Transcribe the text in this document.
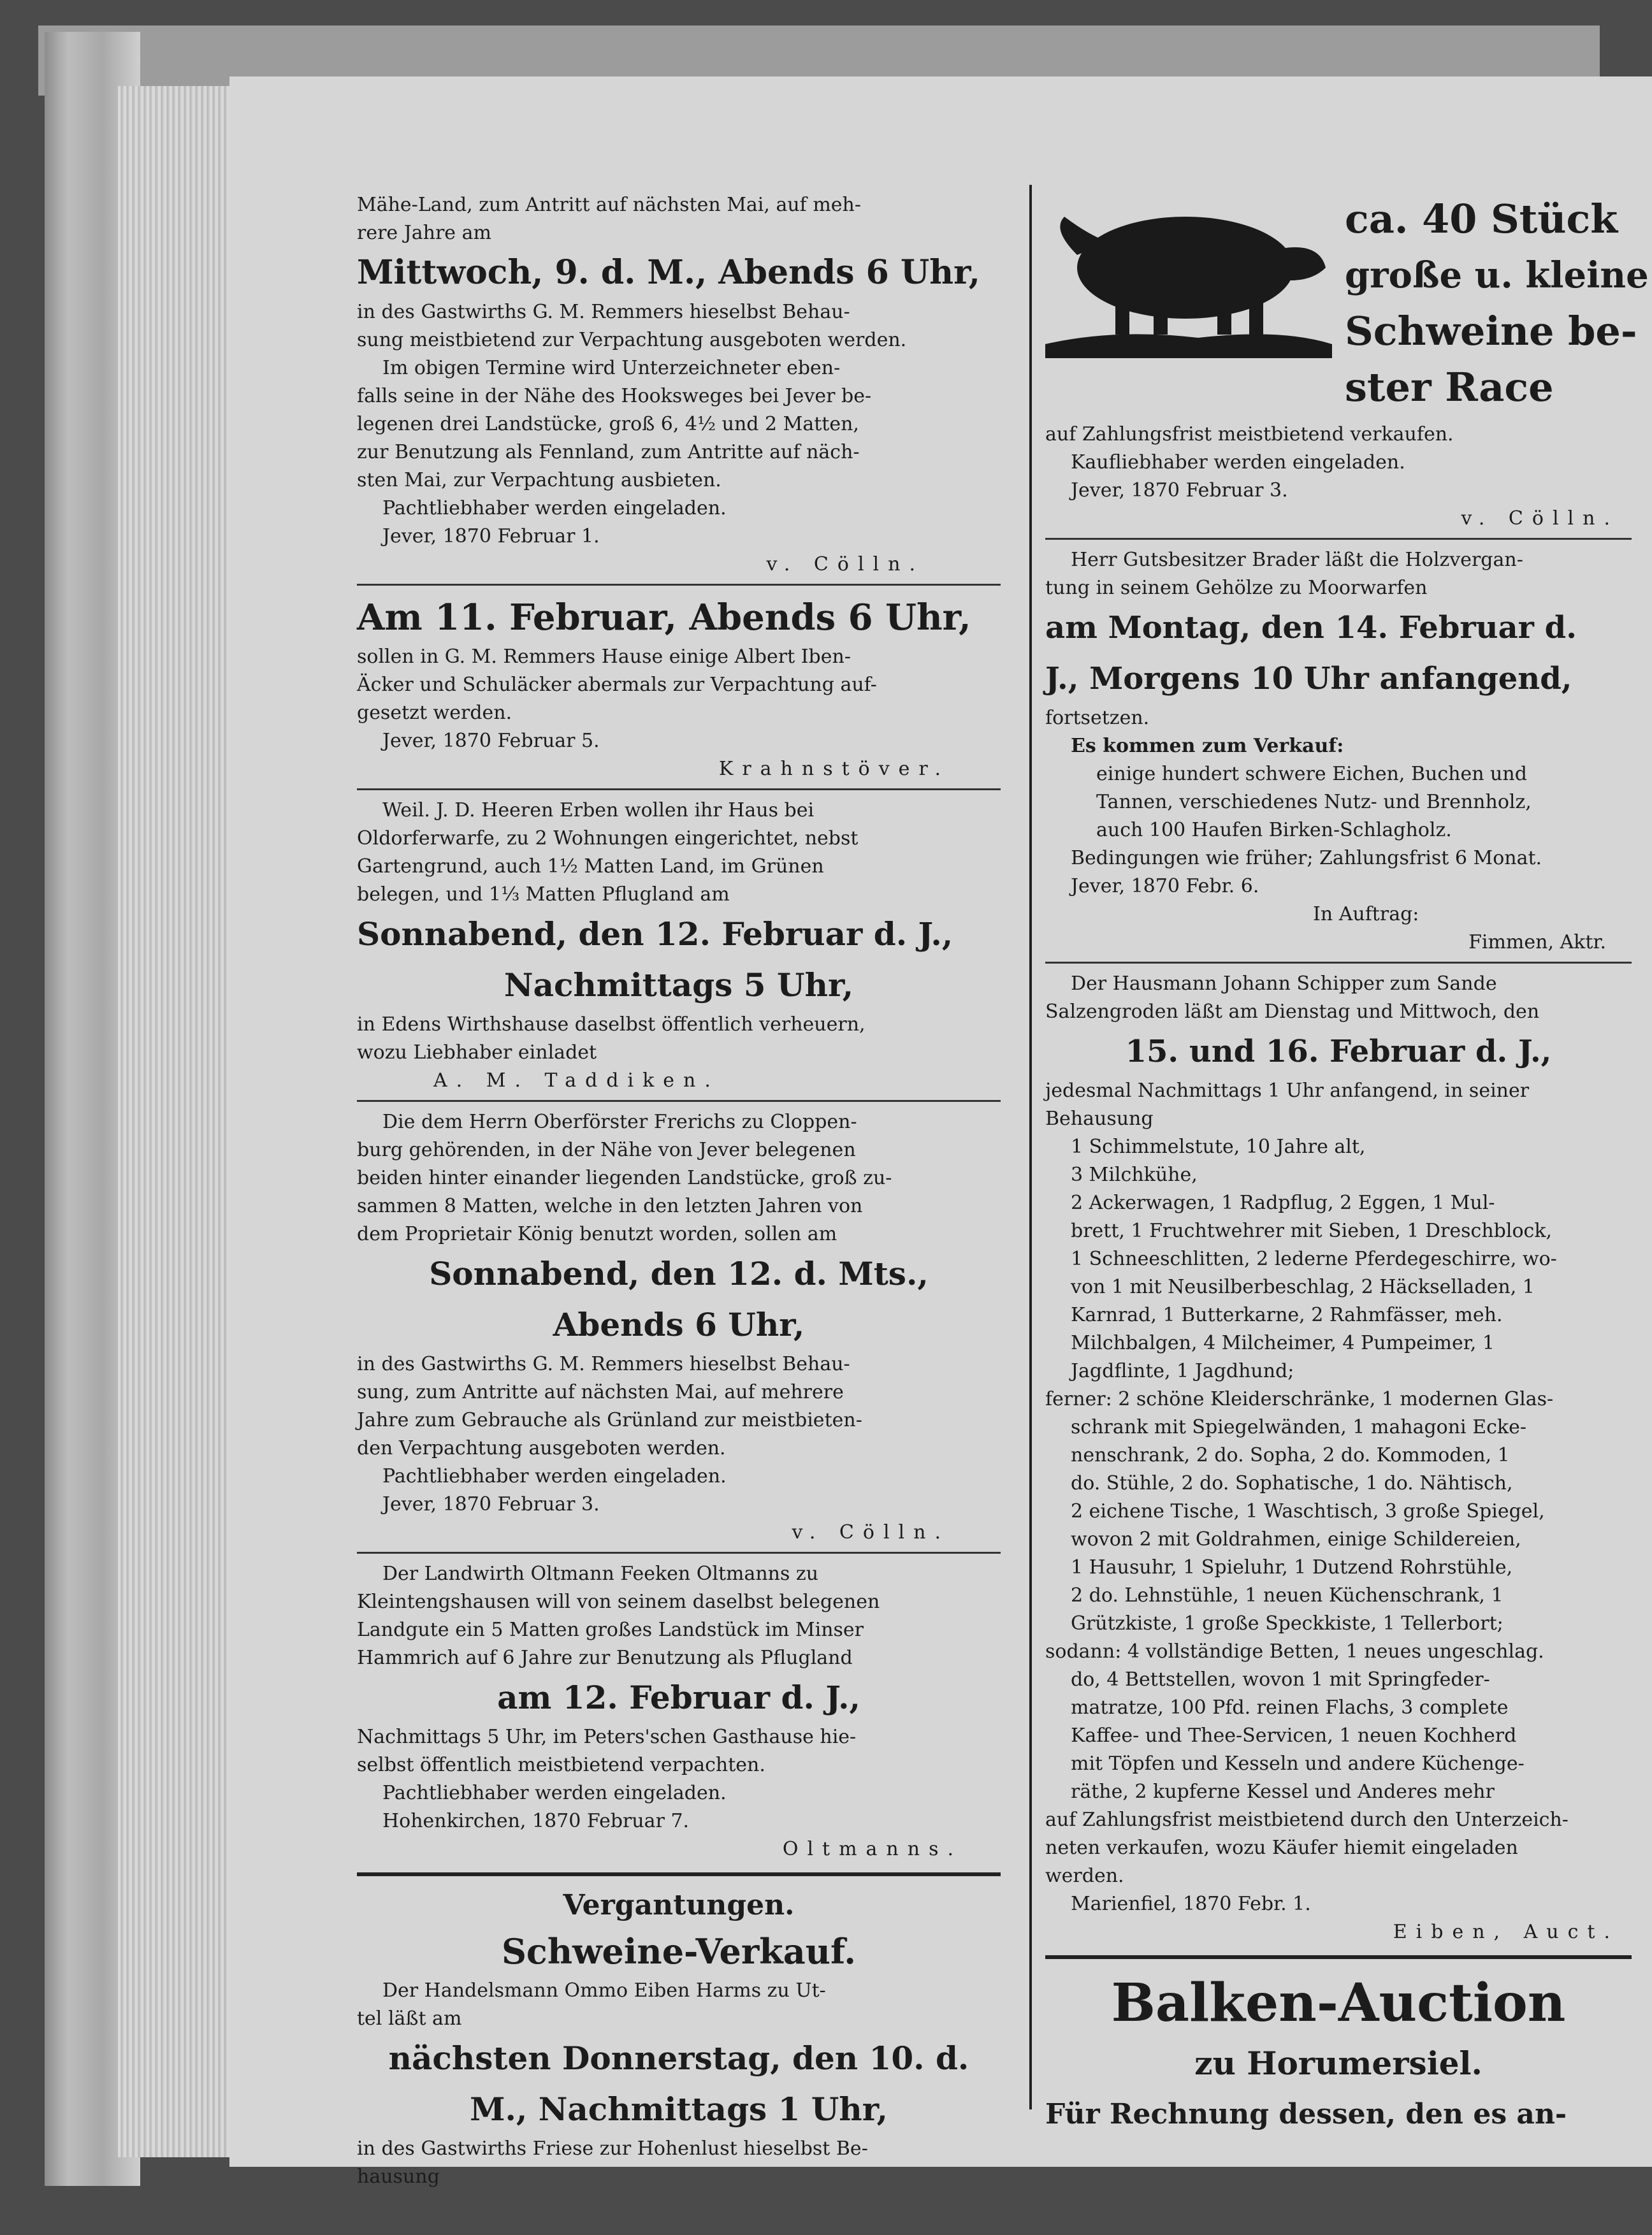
Mähe-Land, zum Antritt auf nächsten Mai, auf meh-
rere Jahre am
Mittwoch, 9. d. M., Abends 6 Uhr,
in des Gastwirths G. M. Remmers hieselbst Behau-
sung meistbietend zur Verpachtung ausgeboten werden.
Im obigen Termine wird Unterzeichneter eben-
falls seine in der Nähe des Hooksweges bei Jever be-
legenen drei Landstücke, groß 6, 4½ und 2 Matten,
zur Benutzung als Fennland, zum Antritte auf näch-
sten Mai, zur Verpachtung ausbieten.
Pachtliebhaber werden eingeladen.
Jever, 1870 Februar 1.
v. Cölln.
Am 11. Februar, Abends 6 Uhr,
sollen in G. M. Remmers Hause einige Albert Iben-
Äcker und Schuläcker abermals zur Verpachtung auf-
gesetzt werden.
Jever, 1870 Februar 5.
Krahnstöver.
Weil. J. D. Heeren Erben wollen ihr Haus bei
Oldorferwarfe, zu 2 Wohnungen eingerichtet, nebst
Gartengrund, auch 1½ Matten Land, im Grünen
belegen, und 1⅓ Matten Pflugland am
Sonnabend, den 12. Februar d. J.,
Nachmittags 5 Uhr,
in Edens Wirthshause daselbst öffentlich verheuern,
wozu Liebhaber einladet
A. M. Taddiken.
Die dem Herrn Oberförster Frerichs zu Cloppen-
burg gehörenden, in der Nähe von Jever belegenen
beiden hinter einander liegenden Landstücke, groß zu-
sammen 8 Matten, welche in den letzten Jahren von
dem Proprietair König benutzt worden, sollen am
Sonnabend, den 12. d. Mts.,
Abends 6 Uhr,
in des Gastwirths G. M. Remmers hieselbst Behau-
sung, zum Antritte auf nächsten Mai, auf mehrere
Jahre zum Gebrauche als Grünland zur meistbieten-
den Verpachtung ausgeboten werden.
Pachtliebhaber werden eingeladen.
Jever, 1870 Februar 3.
v. Cölln.
Der Landwirth Oltmann Feeken Oltmanns zu
Kleintengshausen will von seinem daselbst belegenen
Landgute ein 5 Matten großes Landstück im Minser
Hammrich auf 6 Jahre zur Benutzung als Pflugland
am 12. Februar d. J.,
Nachmittags 5 Uhr, im Peters'schen Gasthause hie-
selbst öffentlich meistbietend verpachten.
Pachtliebhaber werden eingeladen.
Hohenkirchen, 1870 Februar 7.
Oltmanns.
Vergantungen.
Schweine-Verkauf.
Der Handelsmann Ommo Eiben Harms zu Ut-
tel läßt am
nächsten Donnerstag, den 10. d.
M., Nachmittags 1 Uhr,
in des Gastwirths Friese zur Hohenlust hieselbst Be-
hausung
ca. 40 Stück
große u. kleine
Schweine be-
ster Race
auf Zahlungsfrist meistbietend verkaufen.
Kaufliebhaber werden eingeladen.
Jever, 1870 Februar 3.
v. Cölln.
Herr Gutsbesitzer Brader läßt die Holzvergan-
tung in seinem Gehölze zu Moorwarfen
am Montag, den 14. Februar d.
J., Morgens 10 Uhr anfangend,
fortsetzen.
Es kommen zum Verkauf:
einige hundert schwere Eichen, Buchen und
Tannen, verschiedenes Nutz- und Brennholz,
auch 100 Haufen Birken-Schlagholz.
Bedingungen wie früher; Zahlungsfrist 6 Monat.
Jever, 1870 Febr. 6.
In Auftrag:
Fimmen, Aktr.
Der Hausmann Johann Schipper zum Sande
Salzengroden läßt am Dienstag und Mittwoch, den
15. und 16. Februar d. J.,
jedesmal Nachmittags 1 Uhr anfangend, in seiner
Behausung
1 Schimmelstute, 10 Jahre alt,
3 Milchkühe,
2 Ackerwagen, 1 Radpflug, 2 Eggen, 1 Mul-
brett, 1 Fruchtwehrer mit Sieben, 1 Dreschblock,
1 Schneeschlitten, 2 lederne Pferdegeschirre, wo-
von 1 mit Neusilberbeschlag, 2 Häckselladen, 1
Karnrad, 1 Butterkarne, 2 Rahmfässer, meh.
Milchbalgen, 4 Milcheimer, 4 Pumpeimer, 1
Jagdflinte, 1 Jagdhund;
ferner: 2 schöne Kleiderschränke, 1 modernen Glas-
schrank mit Spiegelwänden, 1 mahagoni Ecke-
nenschrank, 2 do. Sopha, 2 do. Kommoden, 1
do. Stühle, 2 do. Sophatische, 1 do. Nähtisch,
2 eichene Tische, 1 Waschtisch, 3 große Spiegel,
wovon 2 mit Goldrahmen, einige Schildereien,
1 Hausuhr, 1 Spieluhr, 1 Dutzend Rohrstühle,
2 do. Lehnstühle, 1 neuen Küchenschrank, 1
Grützkiste, 1 große Speckkiste, 1 Tellerbort;
sodann: 4 vollständige Betten, 1 neues ungeschlag.
do, 4 Bettstellen, wovon 1 mit Springfeder-
matratze, 100 Pfd. reinen Flachs, 3 complete
Kaffee- und Thee-Servicen, 1 neuen Kochherd
mit Töpfen und Kesseln und andere Küchenge-
räthe, 2 kupferne Kessel und Anderes mehr
auf Zahlungsfrist meistbietend durch den Unterzeich-
neten verkaufen, wozu Käufer hiemit eingeladen
werden.
Marienfiel, 1870 Febr. 1.
Eiben, Auct.
Balken-Auction
zu Horumersiel.
Für Rechnung dessen, den es an-
